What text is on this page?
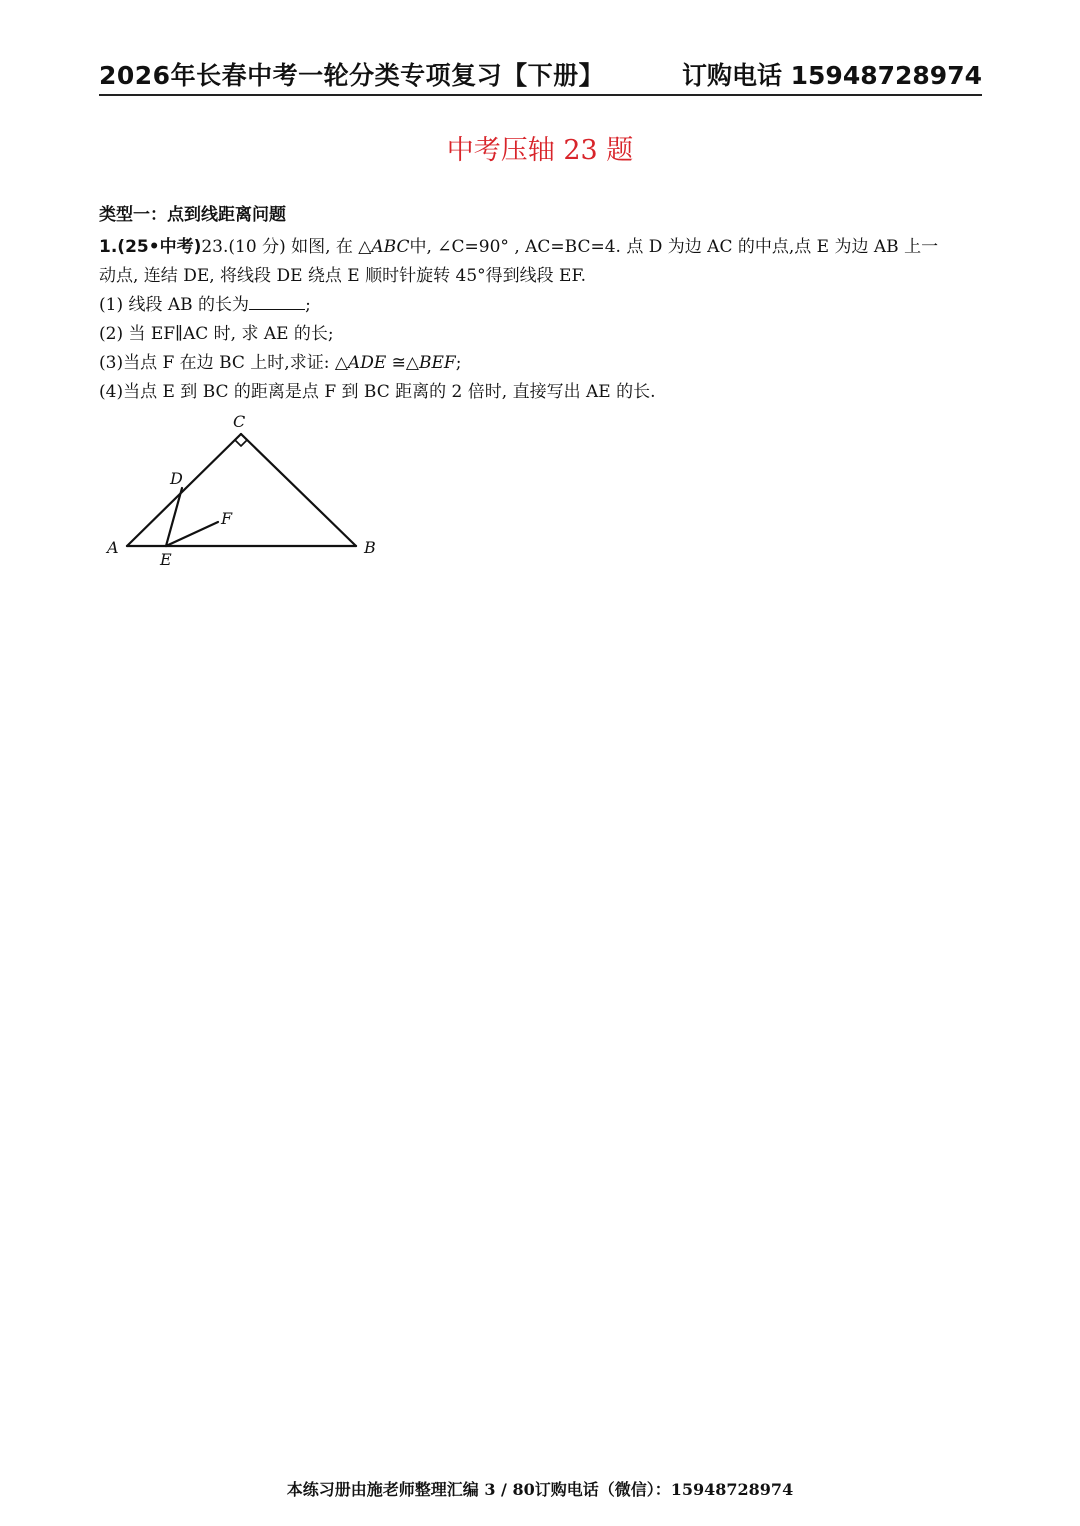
2026年长春中考一轮分类专项复习【下册】	订购电话 15948728974
中考压轴 23 题
类型一：点到线距离问题
1.(25•中考)23.(10 分) 如图, 在 △ABC中, ∠C=90° , AC=BC=4. 点 D 为边 AC 的中点,点 E 为边 AB 上一
动点, 连结 DE, 将线段 DE 绕点 E 顺时针旋转 45°得到线段 EF.
(1) 线段 AB 的长为	;
(2) 当 EF∥AC 时, 求 AE 的长;
(3)当点 F 在边 BC 上时,求证: △ADE ≅△BEF;
(4)当点 E 到 BC 的距离是点 F 到 BC 距离的 2 倍时, 直接写出 AE 的长.
C
D
F
A
E
B
本练习册由施老师整理汇编 3 / 80订购电话（微信）：15948728974
